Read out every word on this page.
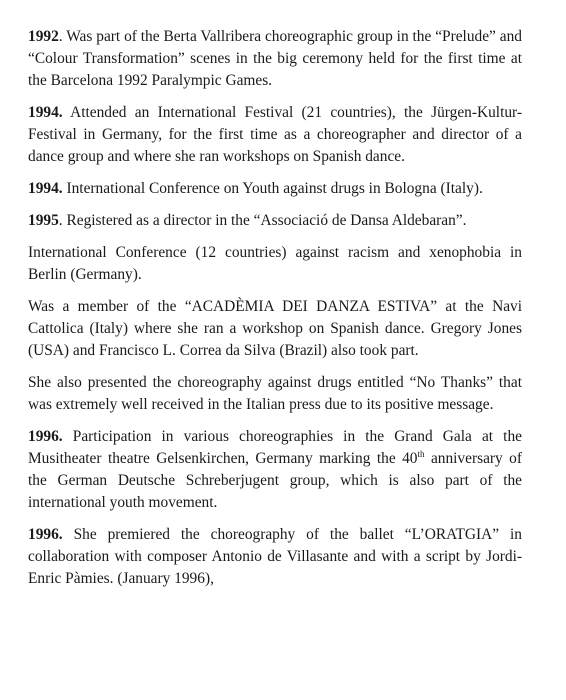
1992. Was part of the Berta Vallribera choreographic group in the “Prelude” and “Colour Transformation” scenes in the big ceremony held for the first time at the Barcelona 1992 Paralympic Games.

1994. Attended an International Festival (21 countries), the Jürgen-Kultur-Festival in Germany, for the first time as a choreographer and director of a dance group and where she ran workshops on Spanish dance.

1994. International Conference on Youth against drugs in Bologna (Italy).

1995. Registered as a director in the “Associació de Dansa Aldebaran”.

International Conference (12 countries) against racism and xenophobia in Berlin (Germany).

Was a member of the “ACADÈMIA DEI DANZA ESTIVA” at the Navi Cattolica (Italy) where she ran a workshop on Spanish dance. Gregory Jones (USA) and Francisco L. Correa da Silva (Brazil) also took part.

She also presented the choreography against drugs entitled “No Thanks” that was extremely well received in the Italian press due to its positive message.

1996. Participation in various choreographies in the Grand Gala at the Musitheater theatre Gelsenkirchen, Germany marking the 40th anniversary of the German Deutsche Schreberjugent group, which is also part of the international youth movement.

1996. She premiered the choreography of the ballet “L’ORATGIA” in collaboration with composer Antonio de Villasante and with a script by Jordi-Enric Pàmies. (January 1996),
